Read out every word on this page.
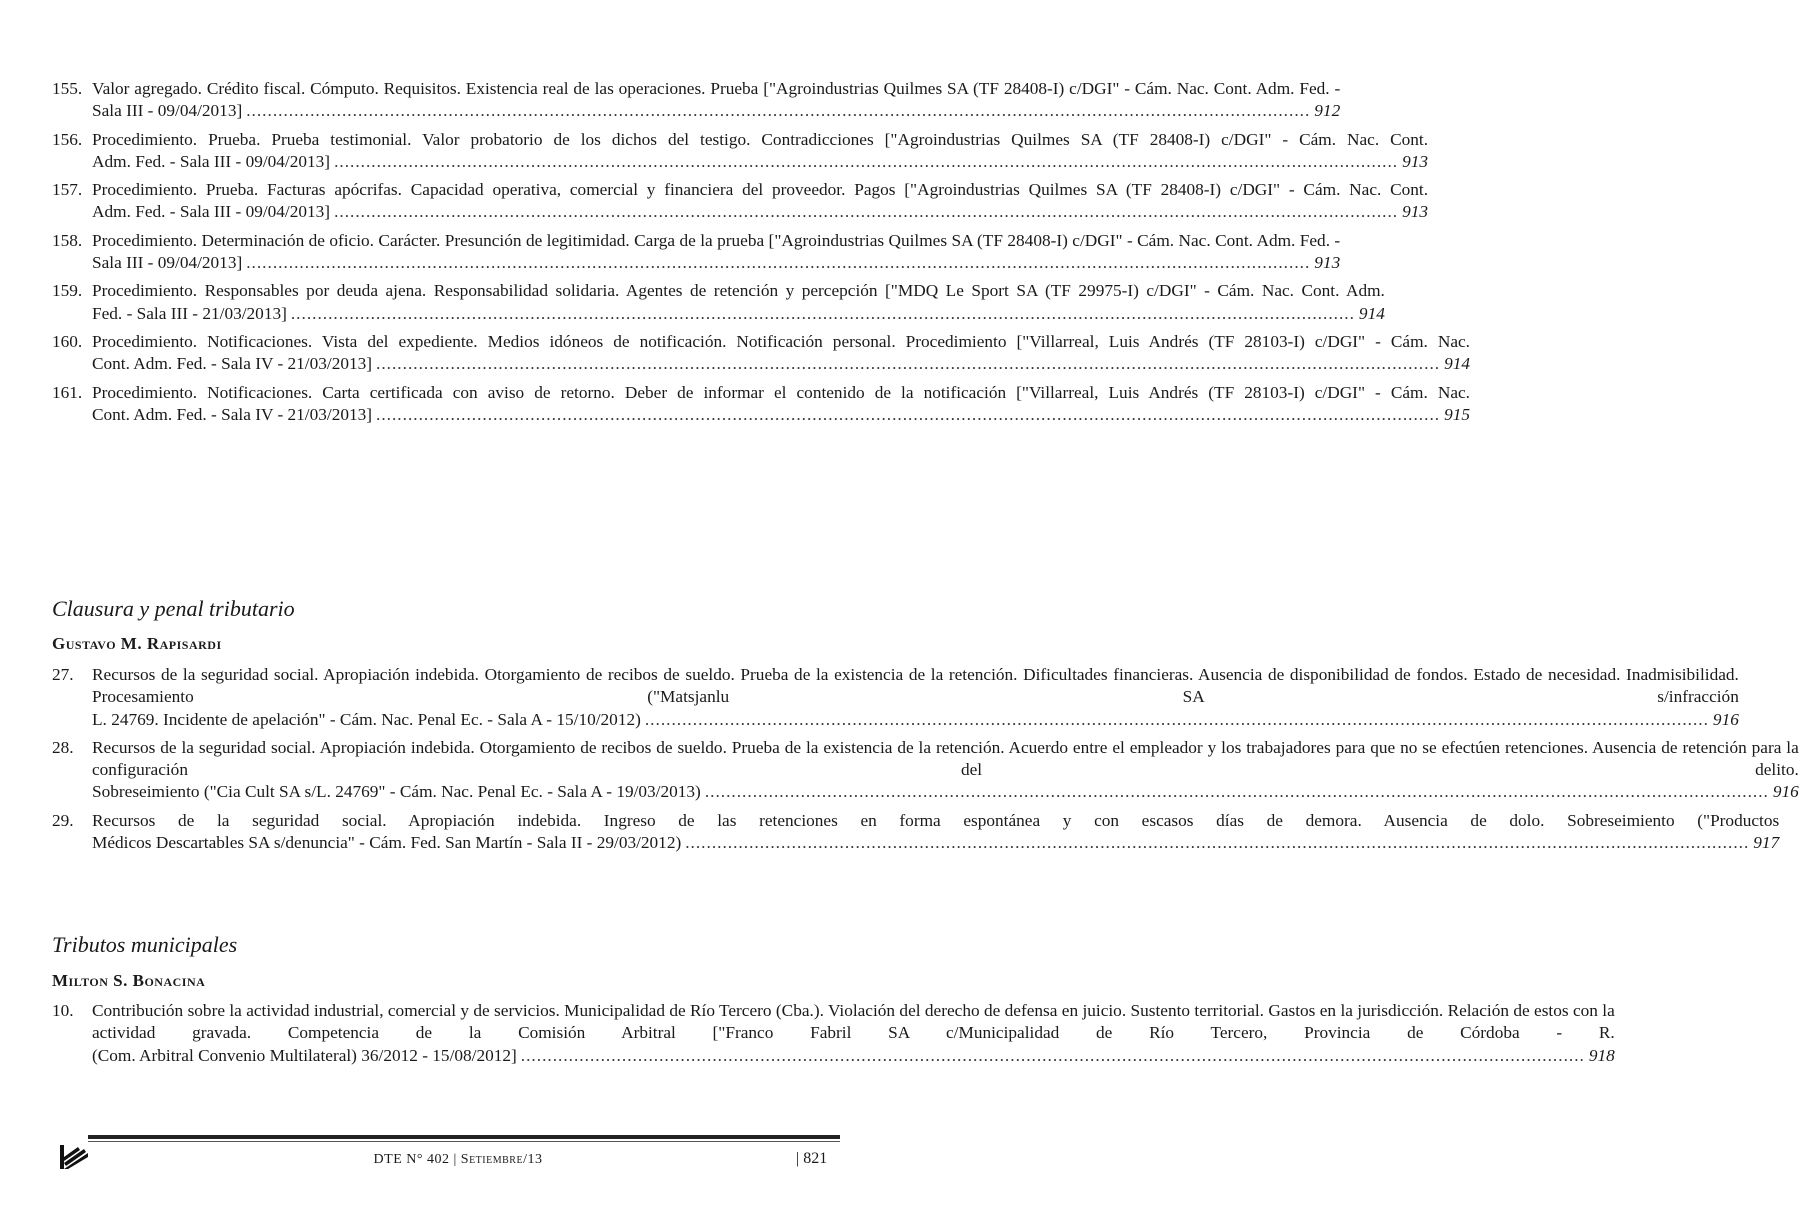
155. Valor agregado. Crédito fiscal. Cómputo. Requisitos. Existencia real de las operaciones. Prueba ["Agroindustrias Quilmes SA (TF 28408-I) c/DGI" - Cám. Nac. Cont. Adm. Fed. -
Sala III - 09/04/2013] ........................................................................................................................................................................................................ 912
156. Procedimiento. Prueba. Prueba testimonial. Valor probatorio de los dichos del testigo. Contradicciones ["Agroindustrias Quilmes SA (TF 28408-I) c/DGI" - Cám. Nac. Cont.
Adm. Fed. - Sala III - 09/04/2013] ........................................................................................................................................................................................................ 913
157. Procedimiento. Prueba. Facturas apócrifas. Capacidad operativa, comercial y financiera del proveedor. Pagos ["Agroindustrias Quilmes SA (TF 28408-I) c/DGI" - Cám. Nac. Cont.
Adm. Fed. - Sala III - 09/04/2013] ........................................................................................................................................................................................................ 913
158. Procedimiento. Determinación de oficio. Carácter. Presunción de legitimidad. Carga de la prueba ["Agroindustrias Quilmes SA (TF 28408-I) c/DGI" - Cám. Nac. Cont. Adm. Fed. -
Sala III - 09/04/2013] ........................................................................................................................................................................................................ 913
159. Procedimiento. Responsables por deuda ajena. Responsabilidad solidaria. Agentes de retención y percepción ["MDQ Le Sport SA (TF 29975-I) c/DGI" - Cám. Nac. Cont. Adm.
Fed. - Sala III - 21/03/2013] ........................................................................................................................................................................................................ 914
160. Procedimiento. Notificaciones. Vista del expediente. Medios idóneos de notificación. Notificación personal. Procedimiento ["Villarreal, Luis Andrés (TF 28103-I) c/DGI" - Cám. Nac.
Cont. Adm. Fed. - Sala IV - 21/03/2013] ........................................................................................................................................................................................................ 914
161. Procedimiento. Notificaciones. Carta certificada con aviso de retorno. Deber de informar el contenido de la notificación ["Villarreal, Luis Andrés (TF 28103-I) c/DGI" - Cám. Nac.
Cont. Adm. Fed. - Sala IV - 21/03/2013] ........................................................................................................................................................................................................ 915
Clausura y penal tributario
Gustavo M. Rapisardi
27.	Recursos de la seguridad social. Apropiación indebida. Otorgamiento de recibos de sueldo. Prueba de la existencia de la retención. Dificultades financieras. Ausencia de disponibilidad de fondos. Estado de necesidad. Inadmisibilidad. Procesamiento ("Matsjanlu SA s/infracción
L. 24769. Incidente de apelación" - Cám. Nac. Penal Ec. - Sala A - 15/10/2012) ........................................................................................................................................................................................................ 916
28.	Recursos de la seguridad social. Apropiación indebida. Otorgamiento de recibos de sueldo. Prueba de la existencia de la retención. Acuerdo entre el empleador y los trabajadores para que no se efectúen retenciones. Ausencia de retención para la configuración del delito.
Sobreseimiento ("Cia Cult SA s/L. 24769" - Cám. Nac. Penal Ec. - Sala A - 19/03/2013) ........................................................................................................................................................................................................ 916
29.	Recursos de la seguridad social. Apropiación indebida. Ingreso de las retenciones en forma espontánea y con escasos días de demora. Ausencia de dolo. Sobreseimiento ("Productos
Médicos Descartables SA s/denuncia" - Cám. Fed. San Martín - Sala II - 29/03/2012) ........................................................................................................................................................................................................ 917
Tributos municipales
Milton S. Bonacina
10.	Contribución sobre la actividad industrial, comercial y de servicios. Municipalidad de Río Tercero (Cba.). Violación del derecho de defensa en juicio. Sustento territorial. Gastos en la jurisdicción. Relación de estos con la actividad gravada. Competencia de la Comisión Arbitral ["Franco Fabril SA c/Municipalidad de Río Tercero, Provincia de Córdoba - R.
(Com. Arbitral Convenio Multilateral) 36/2012 - 15/08/2012] ........................................................................................................................................................................................................ 918
DTE N° 402 | Setiembre/13	| 821
